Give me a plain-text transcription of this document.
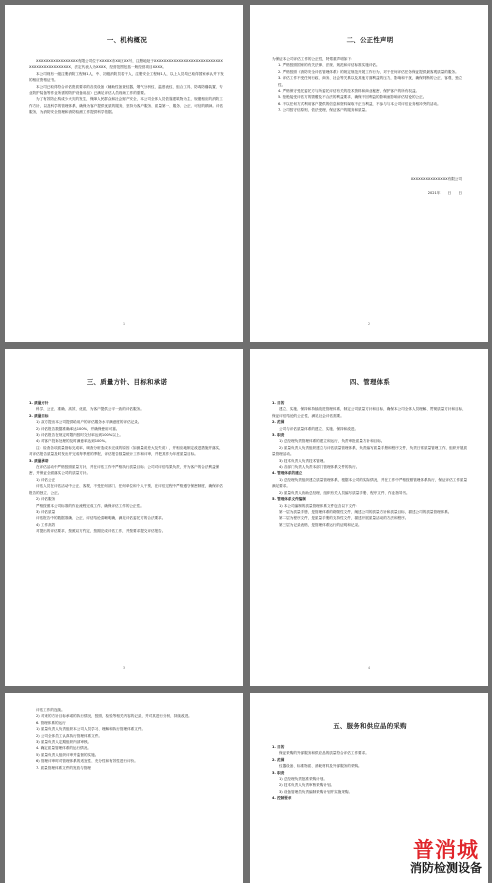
一、机构概况

XXXXXXXXXXXXXXXXX有限公司位于XXXXX市XX区XX号，注册地址于XXXXXXXXXXXXXXXXXXXXXXXXXXXXXXXXXXXXXXXXXXXXX，法定代表人为XXXX，经营范围包括一般经营项目XXXX。

本公司现有一级注册消防工程师1人，中、初级消防员若干人，注册安全工程师1人，以上人员均已取得国家承认并下发的相应资格证书。

本公司已取得符合评估资质要求的各类设备（辅助性备查仪器，烟气分析仪、温度表仪、组合工具、防毒防爆装置、专业防护装备等作业所需的防护设备用品）已满足评估人员现场工作的需要。

为了有效防止构成少火灾的发生，保障人民群众和社会财产安全，本公司全体人员依靠建筑物为主，规避相应的消防工作方针，以及科学的管理体系，确保为客户提供优质的服务，坚持为客户服务、质量第一、服务、公正、可信的精神。评估服务，为消防安全管理和消防检测工作提供科学依据。

1
二、公正性声明

为保证本公司评估工作的公正性，特郑重声明如下：

1. 严格按照国家的有关法律、法规、规范和评估标准实施评估。

2. 严格按照《消防安全评估管理体系》的规定规范开展工作行为，对于任何评估任务保证提供最客观质量的服务。

3. 评估工作不受任何行政、商务、社会等关系以及其他方面利益的压力，影响和干扰，确保判断的公正、客观、独立性。

4. 严格保守受托委托方与所委托评估有关的技术资料和商业秘密，保护客户的所有权益。

5. 拒绝接受评估方的馈赠及不合法的利益要求，确保不因利益的影响而影响评估结论的公正。

6. 不以任何方式利用客户提供的信息和资料谋取不正当利益，不参与与本公司评估业务相冲突的活动。

7. 公司按守信原则，依法受理，保证客户的服务和质量。

XXXXXXXXXXXXXXX有限公司
2021年　　日　　日
2
三、质量方针、目标和承诺

1. 质量方针

科学、公正、准确、高效、优质，为客户提供公平一致的评估服务。

2. 质量目标

1) 双方提出本公司提供给用户的评估服务水平满意度的评估记录。

2) 评估报告数据准确率达100%，并确保使用可靠。

3) 评估报告在规定时限内按时交付率达到100%以上。

4) 对客户投诉处理的及时满意率达到100%。

注：检查各项质量指标完成率，调查分析造成未完成的原因（如测量误差大及失误），并相应地制定改进措施并落实，对评估报告质量及时发出并完成每季度的季报，评估报告数量统计工作和评审，并把其作为年度质量目标。

3. 质量承诺

在评估活动中严格按照质量方针，并在评估工作中严格执行质量目标；公司对评估结果负责，并为客户的合法利益保密，并保证全面落实公司的质量方针。

1) 评估公正

评估人员在评估活动中公正、客观，不受任何部门、任何单位和个人干预，在评估过程中严格遵守保密制度，确保评估报告的独立、公正。

2) 评估服务

严格按照本公司标准的作业流程完成工作，确保评估工作的公正性。

3) 评估质量

评估报告中的数据准确、公正、评估结论清晰明确，满足评估委托方的合法要求。

4) 工作高效

对提出的评估要求，按照双方约定，按期完成评估工作，并按要求提交评估报告。

3
四、管理体系

1. 目的

建立、实施、保持和持续改进管理体系，制定公司质量方针和目标，确保本公司全体人员理解、贯彻质量方针和目标，保证评估结论的公正性，满足社会评估需要。

2. 范围

公司与评估质量体系的建立、实施、保持和改进。

3. 职责

1) 总经理负责管理体系的建立和运行，负责审批质量方针和目标。

2) 质量负责人负责组织建立与评估质量管理体系，负责编写质量手册和程序文件，负责日常质量管理工作，组织开展质量管理活动。

3) 技术负责人负责技术管理。

4) 各部门负责人负责本部门管理体系文件的执行。

4. 管理体系的建立

1) 总经理负责组织建立质量管理体系，根据本公司的实际情况，并在工作中严格按照管理体系执行，保证评估工作质量满足要求。

2) 质量负责人协助总经理，组织有关人员编写质量手册、程序文件、作业指导书。

5. 管理体系文件编制

1) 本公司编制的质量管理体系文件包含以下文件：

第一层为质量手册，是管理体系的纲领性文件，阐述公司的质量方针和质量目标，描述公司的质量管理体系。

第二层为程序文件，是质量手册的支持性文件，描述开展质量活动的方法和程序。

第三层为记录表格，是管理体系运行的证明和记录。

4

评估工作的连续。

2) 对来的方针目标承诺的执行情况，按照，检验等相关内容的记录，并对其进行分析，持续改进。

6. 管理体系的运行

1) 质量负责人负责组织本公司人员学习、理解和执行管理体系文件。

2) 公司全体员工认真执行管理体系文件。

3) 质量负责人定期组织内部审核。

4. 确定质量管理体系的运行情况。

5) 质量负责人组织评审并监督的实施。

6) 管理评审时对管理体系的适宜性、充分性和有效性进行评价。

7. 质量管理体系文件的发放与管理

五、服务和供应品的采购

1. 目的

保证采购的外部服务和供应品的质量符合评估工作要求。

2. 范围

仪器设备、标准物质、消耗材料及外部服务的采购。

3. 职责

1) 总经理负责批准采购计划。

2) 技术负责人负责审核采购计划。

3) 设备管理员负责编制采购计划并实施采购。

4. 控制要求

普消城
消防检测设备
